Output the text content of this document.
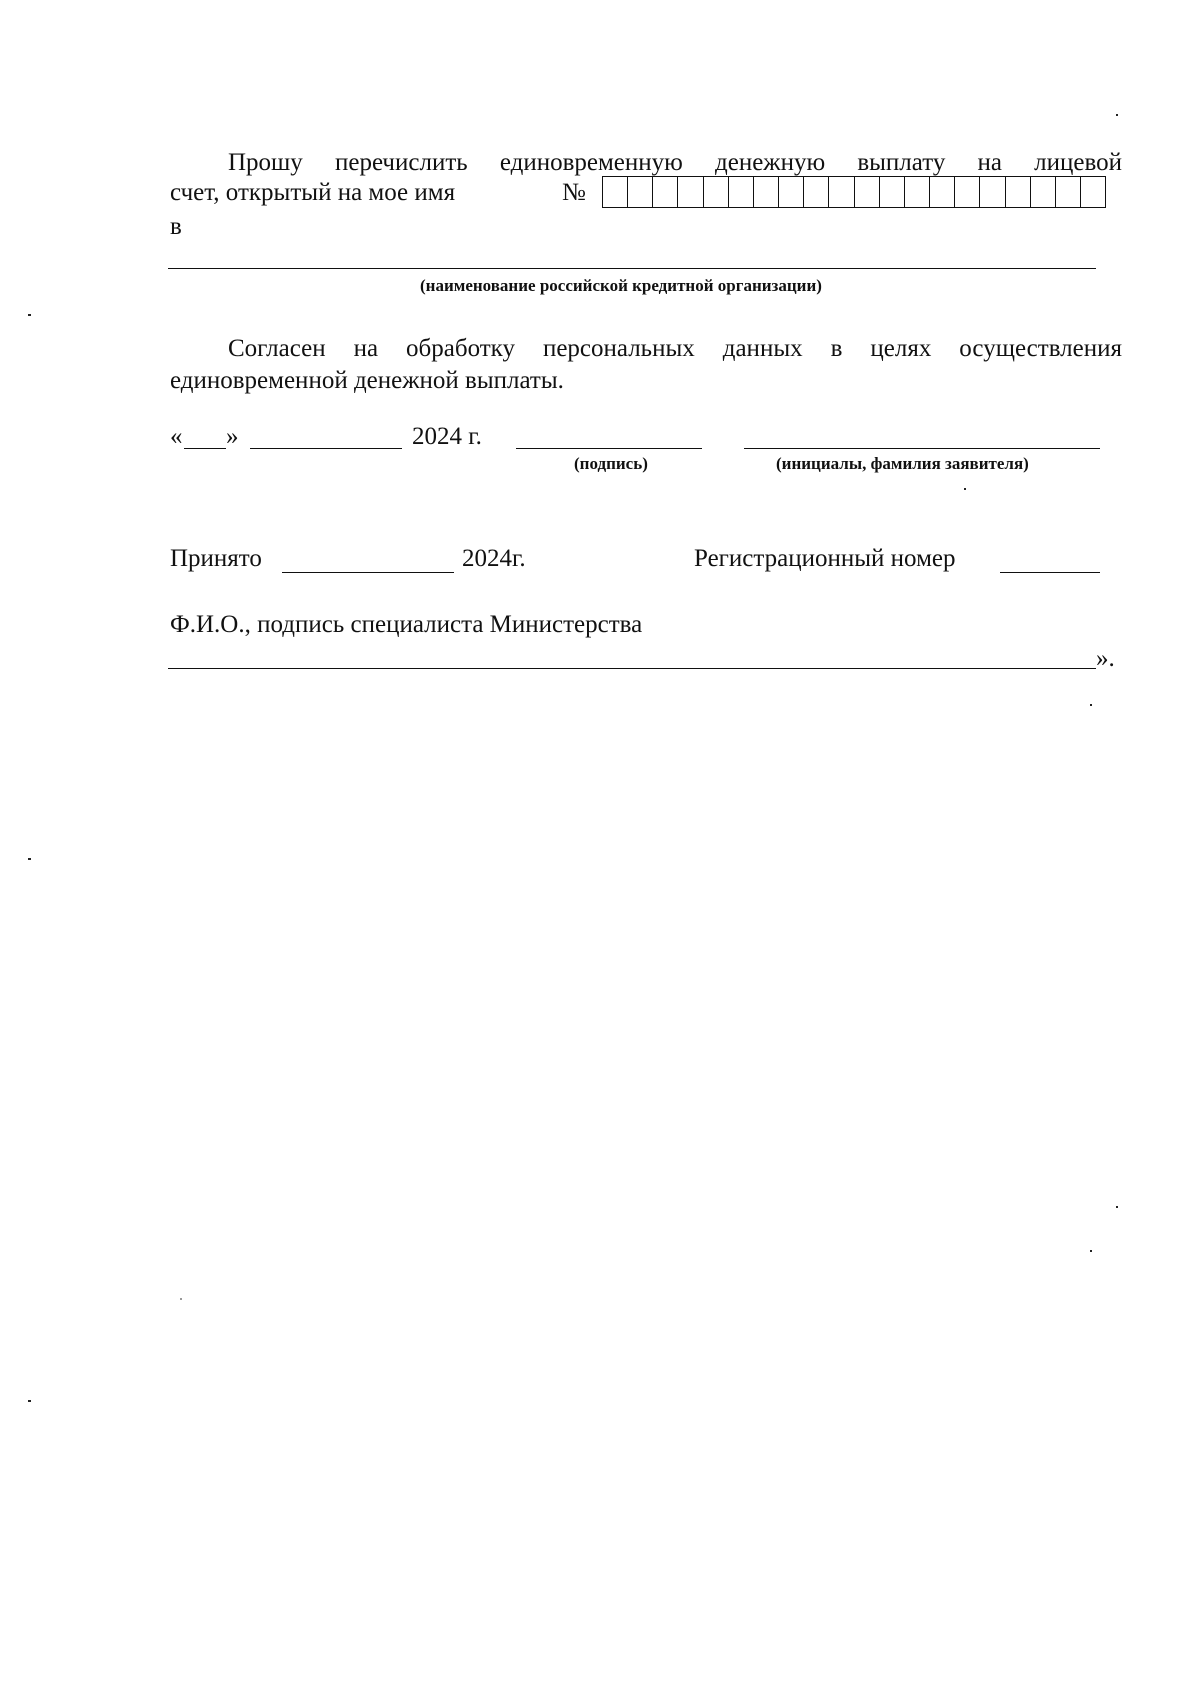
Прошу перечислить единовременную денежную выплату на лицевой
счет, открытый на мое имя	№
в
(наименование российской кредитной организации)
Согласен на обработку персональных данных в целях осуществления
единовременной денежной выплаты.
« »	2024 г.
(подпись)	(инициалы, фамилия заявителя)
Принято	2024г.	Регистрационный номер
Ф.И.О., подпись специалиста Министерства
».
